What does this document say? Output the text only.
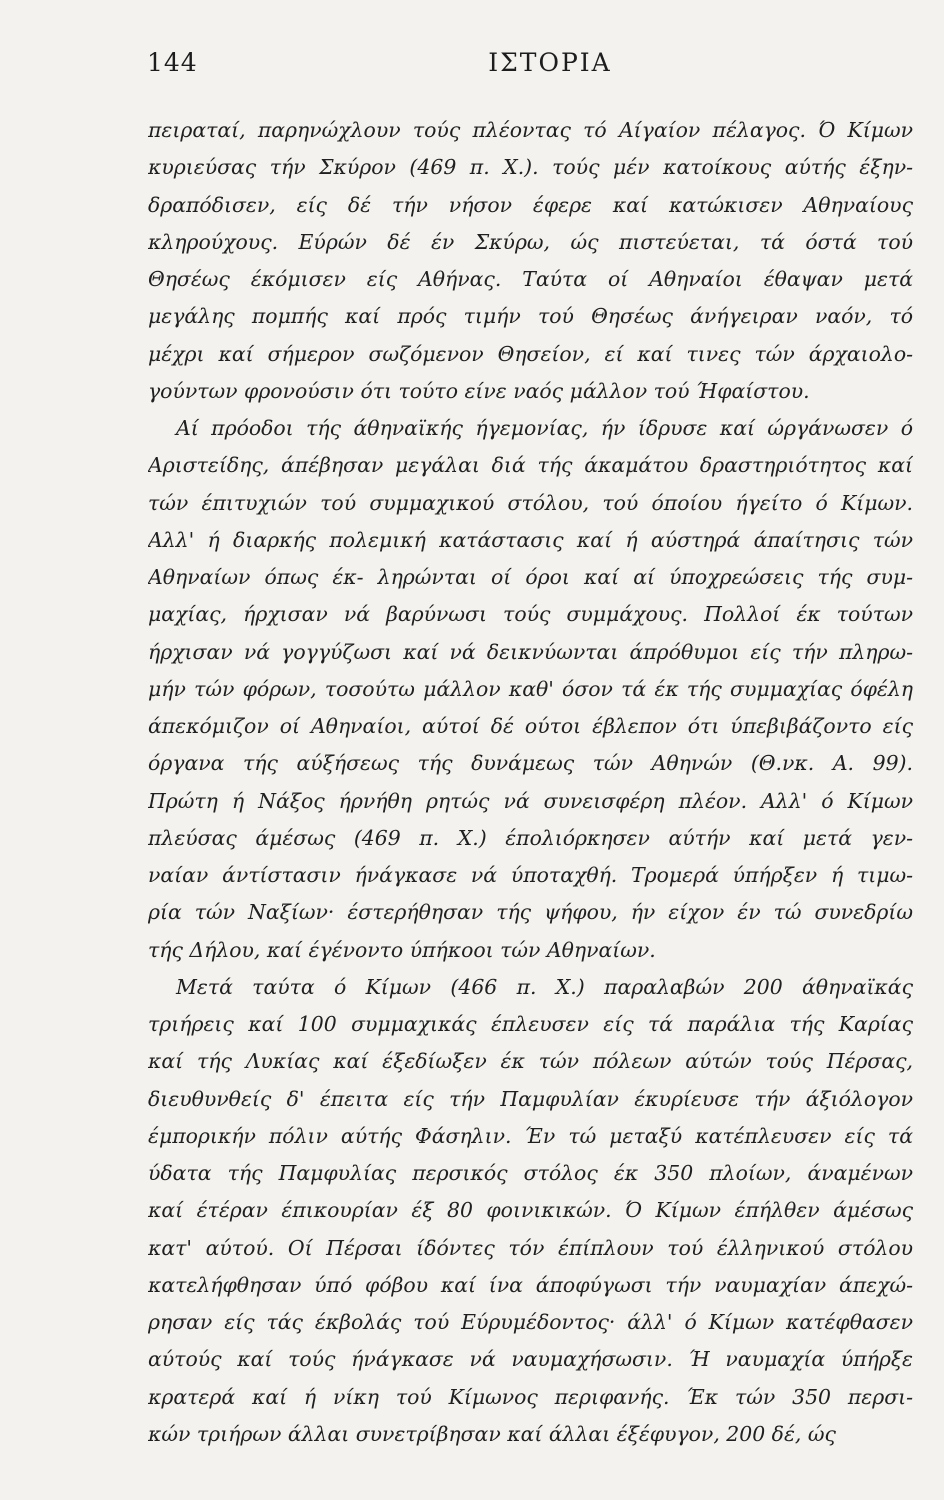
144	ΙΣΤΟΡΙΑ
πειραταί, παρηνώχλουν τούς πλέοντας τό Αίγαίον πέλαγος. Ό Κίμων
κυριεύσας τήν Σκύρον (469 π. Χ.). τούς μέν κατοίκους αύτής έξην-
δραπόδισεν, είς δέ τήν νήσον έφερε καί κατώκισεν Αθηναίους
κληρούχους. Εύρών δέ έν Σκύρω, ώς πιστεύεται, τά όστά τού
Θησέως έκόμισεν είς Αθήνας. Ταύτα οί Αθηναίοι έθαψαν μετά
μεγάλης πομπής καί πρός τιμήν τού Θησέως άνήγειραν ναόν, τό
μέχρι καί σήμερον σωζόμενον Θησείον, εί καί τινες τών άρχαιολο-
γούντων φρονούσιν ότι τούτο είνε ναός μάλλον τού Ήφαίστου.
Αί πρόοδοι τής άθηναϊκής ήγεμονίας, ήν ίδρυσε καί ώργάνωσεν ό
Αριστείδης, άπέβησαν μεγάλαι διά τής άκαμάτου δραστηριότητος καί
τών έπιτυχιών τού συμμαχικού στόλου, τού όποίου ήγείτο ό Κίμων.
Αλλ' ή διαρκής πολεμική κατάστασις καί ή αύστηρά άπαίτησις τών
Αθηναίων όπως έκ- ληρώνται οί όροι καί αί ύποχρεώσεις τής συμ-
μαχίας, ήρχισαν νά βαρύνωσι τούς συμμάχους. Πολλοί έκ τούτων
ήρχισαν νά γογγύζωσι καί νά δεικνύωνται άπρόθυμοι είς τήν πληρω-
μήν τών φόρων, τοσούτω μάλλον καθ' όσον τά έκ τής συμμαχίας όφέλη
άπεκόμιζον οί Αθηναίοι, αύτοί δέ ούτοι έβλεπον ότι ύπεβιβάζοντο είς
όργανα τής αύξήσεως τής δυνάμεως τών Αθηνών (Θ.νκ. Α. 99).
Πρώτη ή Νάξος ήρνήθη ρητώς νά συνεισφέρη πλέον. Αλλ' ό Κίμων
πλεύσας άμέσως (469 π. Χ.) έπολιόρκησεν αύτήν καί μετά γεν-
ναίαν άντίστασιν ήνάγκασε νά ύποταχθή. Τρομερά ύπήρξεν ή τιμω-
ρία τών Ναξίων· έστερήθησαν τής ψήφου, ήν είχον έν τώ συνεδρίω
τής Δήλου, καί έγένοντο ύπήκοοι τών Αθηναίων.
Μετά ταύτα ό Κίμων (466 π. Χ.) παραλαβών 200 άθηναϊκάς
τριήρεις καί 100 συμμαχικάς έπλευσεν είς τά παράλια τής Καρίας
καί τής Λυκίας καί έξεδίωξεν έκ τών πόλεων αύτών τούς Πέρσας,
διευθυνθείς δ' έπειτα είς τήν Παμφυλίαν έκυρίευσε τήν άξιόλογον
έμπορικήν πόλιν αύτής Φάσηλιν. Έν τώ μεταξύ κατέπλευσεν είς τά
ύδατα τής Παμφυλίας περσικός στόλος έκ 350 πλοίων, άναμένων
καί έτέραν έπικουρίαν έξ 80 φοινικικών. Ό Κίμων έπήλθεν άμέσως
κατ' αύτού. Οί Πέρσαι ίδόντες τόν έπίπλουν τού έλληνικού στόλου
κατελήφθησαν ύπό φόβου καί ίνα άποφύγωσι τήν ναυμαχίαν άπεχώ-
ρησαν είς τάς έκβολάς τού Εύρυμέδοντος· άλλ' ό Κίμων κατέφθασεν
αύτούς καί τούς ήνάγκασε νά ναυμαχήσωσιν. Ή ναυμαχία ύπήρξε
κρατερά καί ή νίκη τού Κίμωνος περιφανής. Έκ τών 350 περσι-
κών τριήρων άλλαι συνετρίβησαν καί άλλαι έξέφυγον, 200 δέ, ώς
